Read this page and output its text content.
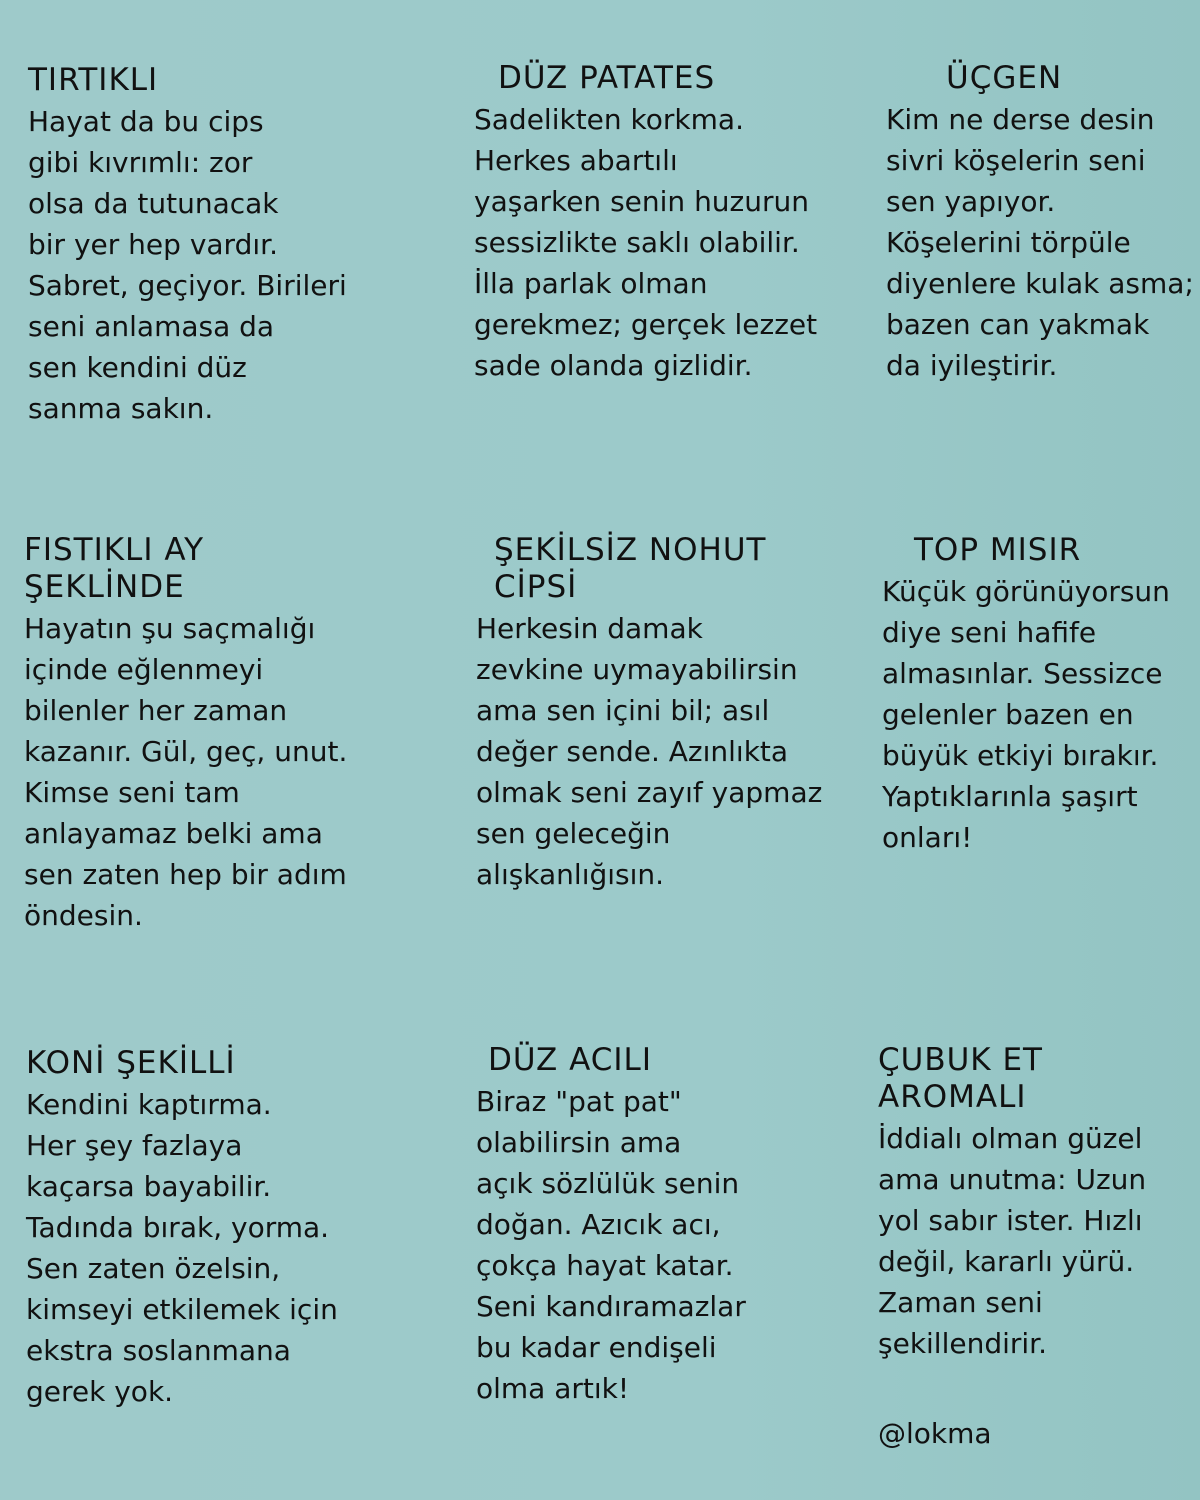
TIRTIKLI
Hayat da bu cips
gibi kıvrımlı: zor
olsa da tutunacak
bir yer hep vardır.
Sabret, geçiyor. Birileri
seni anlamasa da
sen kendini düz
sanma sakın.
DÜZ PATATES
Sadelikten korkma.
Herkes abartılı
yaşarken senin huzurun
sessizlikte saklı olabilir.
İlla parlak olman
gerekmez; gerçek lezzet
sade olanda gizlidir.
ÜÇGEN
Kim ne derse desin
sivri köşelerin seni
sen yapıyor.
Köşelerini törpüle
diyenlere kulak asma;
bazen can yakmak
da iyileştirir.
FISTIKLI AY
ŞEKLİNDE
Hayatın şu saçmalığı
içinde eğlenmeyi
bilenler her zaman
kazanır. Gül, geç, unut.
Kimse seni tam
anlayamaz belki ama
sen zaten hep bir adım
öndesin.
ŞEKİLSİZ NOHUT
CİPSİ
Herkesin damak
zevkine uymayabilirsin
ama sen içini bil; asıl
değer sende. Azınlıkta
olmak seni zayıf yapmaz
sen geleceğin
alışkanlığısın.
TOP MISIR
Küçük görünüyorsun
diye seni hafife
almasınlar. Sessizce
gelenler bazen en
büyük etkiyi bırakır.
Yaptıklarınla şaşırt
onları!
KONİ ŞEKİLLİ
Kendini kaptırma.
Her şey fazlaya
kaçarsa bayabilir.
Tadında bırak, yorma.
Sen zaten özelsin,
kimseyi etkilemek için
ekstra soslanmana
gerek yok.
DÜZ ACILI
Biraz "pat pat"
olabilirsin ama
açık sözlülük senin
doğan. Azıcık acı,
çokça hayat katar.
Seni kandıramazlar
bu kadar endişeli
olma artık!
ÇUBUK ET
AROMALI
İddialı olman güzel
ama unutma: Uzun
yol sabır ister. Hızlı
değil, kararlı yürü.
Zaman seni
şekillendirir.
@lokma
